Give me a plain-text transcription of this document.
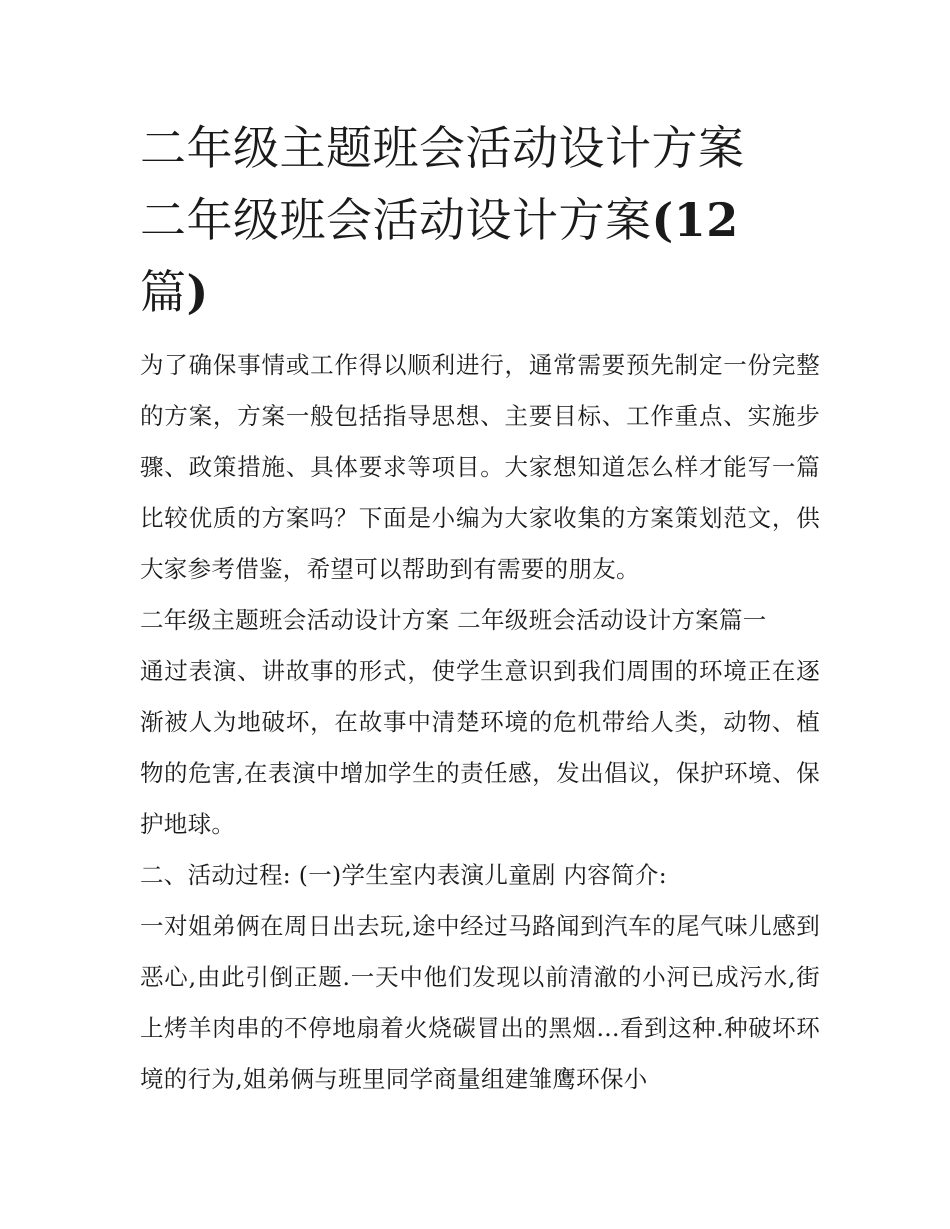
二年级主题班会活动设计方案
二年级班会活动设计方案(12
篇)

为了确保事情或工作得以顺利进行，通常需要预先制定一份完整的方案，方案一般包括指导思想、主要目标、工作重点、实施步骤、政策措施、具体要求等项目。大家想知道怎么样才能写一篇比较优质的方案吗？下面是小编为大家收集的方案策划范文，供大家参考借鉴，希望可以帮助到有需要的朋友。

二年级主题班会活动设计方案 二年级班会活动设计方案篇一

通过表演、讲故事的形式，使学生意识到我们周围的环境正在逐渐被人为地破坏，在故事中清楚环境的危机带给人类，动物、植物的危害,在表演中增加学生的责任感，发出倡议，保护环境、保护地球。

二、活动过程: (一)学生室内表演儿童剧 内容简介:

一对姐弟俩在周日出去玩,途中经过马路闻到汽车的尾气味儿感到恶心,由此引倒正题.一天中他们发现以前清澈的小河已成污水,街上烤羊肉串的不停地扇着火烧碳冒出的黑烟...看到这种.种破坏环境的行为,姐弟俩与班里同学商量组建雏鹰环保小
